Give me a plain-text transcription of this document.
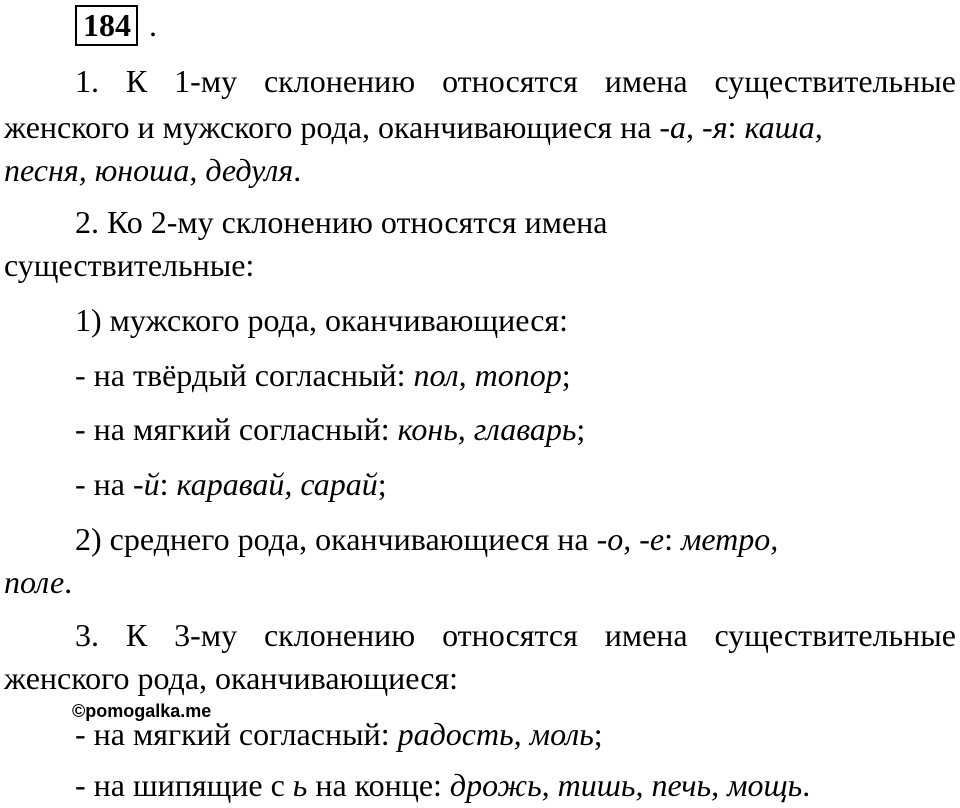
184 .
1. К 1-му склонению относятся имена существительные
женского и мужского рода, оканчивающиеся на -а, -я: каша,
песня, юноша, дедуля.
2. Ко 2-му склонению относятся имена
существительные:
1) мужского рода, оканчивающиеся:
- на твёрдый согласный: пол, топор;
- на мягкий согласный: конь, главарь;
- на -й: каравай, сарай;
2) среднего рода, оканчивающиеся на -о, -е: метро,
поле.
3. К 3-му склонению относятся имена существительные
женского рода, оканчивающиеся:
©pomogalka.me
- на мягкий согласный: радость, моль;
- на шипящие с ь на конце: дрожь, тишь, печь, мощь.
